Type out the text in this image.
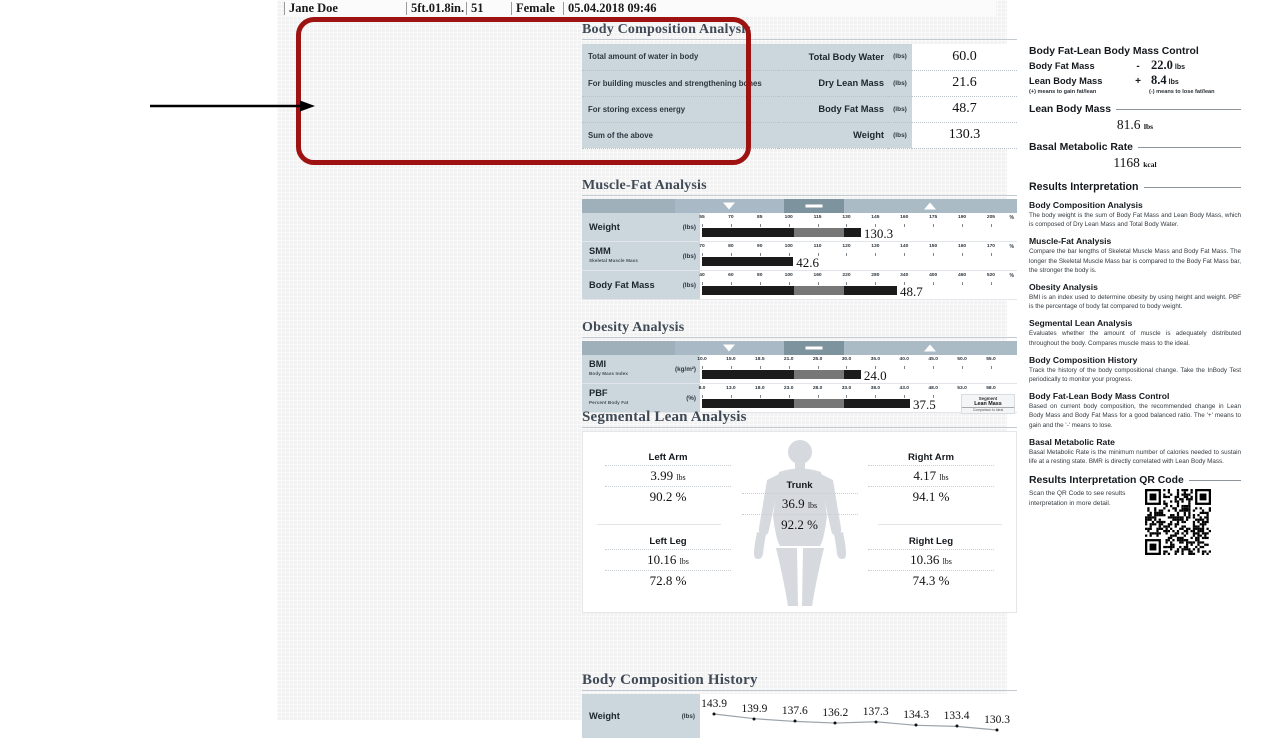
Jane Doe	5ft.01.8in. 51	Female	05.04.2018 09:46
Body Composition Analysis
Total amount of water in body	Total Body Water	(lbs)	60.0
For building muscles and strengthening bones	Dry Lean Mass	(lbs)	21.6
For storing excess energy	Body Fat Mass	(lbs)	48.7
Sum of the above	Weight	(lbs)	130.3
Muscle-Fat Analysis
Weight	(lbs)
55	70	85	100	115	130	145	160	175	190	205	%
130.3
SMM
Skeletal Muscle Mass
(lbs)
70	80	90	100	110	120	130	140	150	160	170	%
42.6
Body Fat Mass	(lbs)
40	60	80	100	160	220	280	340	400	460	520	%
48.7
Obesity Analysis
BMI
Body Mass Index
(kg/m²)
10.0	15.0	18.5	21.0	25.0	30.0	35.0	40.0	45.0	50.0	55.0
24.0
PBF
Percent Body Fat
(%)
8.0	13.0	18.0	23.0	28.0	33.0	38.0	43.0	48.0	53.0	58.0
37.5
Segmental Lean Analysis
Segment
Lean Mass
Comparison to ideal
Left Arm
3.99 lbs
90.2 %
Right Arm
4.17 lbs
94.1 %
Trunk
36.9 lbs
92.2 %
Left Leg
10.16 lbs
72.8 %
Right Leg
10.36 lbs
74.3 %
Body Composition History
Weight	(lbs)
143.9 139.9 137.6 136.2 137.3 134.3 133.4 130.3
Body Fat-Lean Body Mass Control
Body Fat Mass	- 22.0 lbs
Lean Body Mass	+ 8.4 lbs
(+) means to gain fat/lean	(-) means to lose fat/lean
Lean Body Mass
81.6 lbs
Basal Metabolic Rate
1168 kcal
Results Interpretation
Body Composition Analysis
The body weight is the sum of Body Fat Mass and Lean Body Mass, which is composed of Dry Lean Mass and Total Body Water.
Muscle-Fat Analysis
Compare the bar lengths of Skeletal Muscle Mass and Body Fat Mass. The longer the Skeletal Muscle Mass bar is compared to the Body Fat Mass bar, the stronger the body is.
Obesity Analysis
BMI is an index used to determine obesity by using height and weight. PBF is the percentage of body fat compared to body weight.
Segmental Lean Analysis
Evaluates whether the amount of muscle is adequately distributed throughout the body. Compares muscle mass to the ideal.
Body Composition History
Track the history of the body compositional change. Take the InBody Test periodically to monitor your progress.
Body Fat-Lean Body Mass Control
Based on current body composition, the recommended change in Lean Body Mass and Body Fat Mass for a good balanced ratio. The '+' means to gain and the '-' means to lose.
Basal Metabolic Rate
Basal Metabolic Rate is the minimum number of calories needed to sustain life at a resting state. BMR is directly correlated with Lean Body Mass.
Results Interpretation QR Code
Scan the QR Code to see results interpretation in more detail.
